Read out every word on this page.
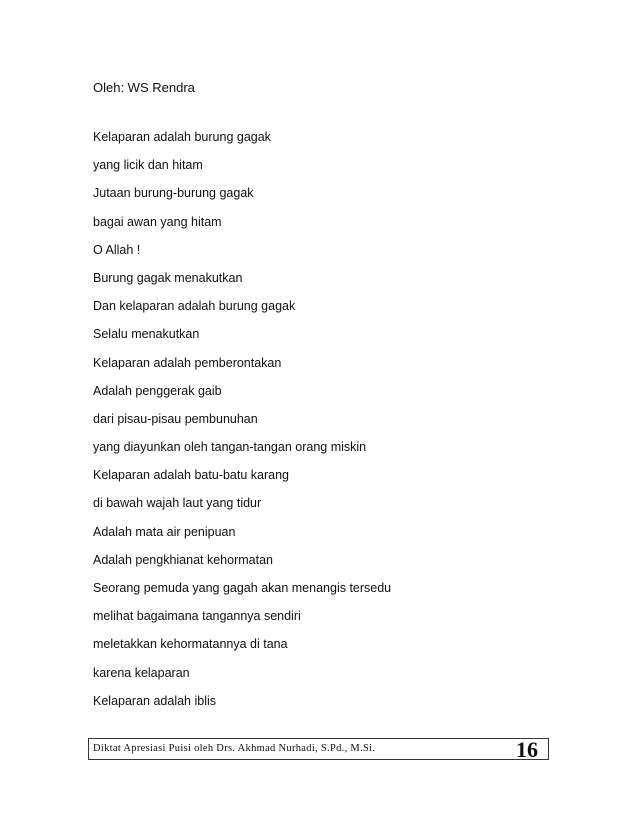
Oleh: WS Rendra
Kelaparan adalah burung gagak
yang licik dan hitam
Jutaan burung-burung gagak
bagai awan yang hitam
O Allah !
Burung gagak menakutkan
Dan kelaparan adalah burung gagak
Selalu menakutkan
Kelaparan adalah pemberontakan
Adalah penggerak gaib
dari pisau-pisau pembunuhan
yang diayunkan oleh tangan-tangan orang miskin
Kelaparan adalah batu-batu karang
di bawah wajah laut yang tidur
Adalah mata air penipuan
Adalah pengkhianat kehormatan
Seorang pemuda yang gagah akan menangis tersedu
melihat bagaimana tangannya sendiri
meletakkan kehormatannya di tana
karena kelaparan
Kelaparan adalah iblis
Diktat Apresiasi Puisi oleh Drs. Akhmad Nurhadi, S.Pd., M.Si.	16
